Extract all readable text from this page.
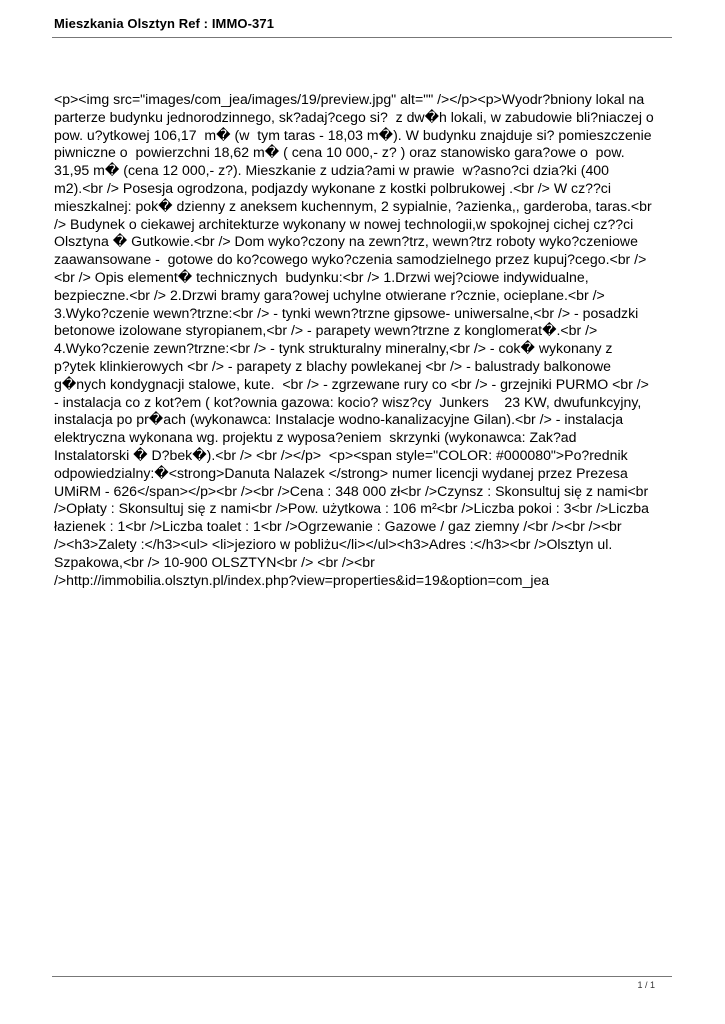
Mieszkania Olsztyn Ref : IMMO-371
<p><img src="images/com_jea/images/19/preview.jpg" alt="" /></p><p>Wyodr?bniony lokal na
parterze budynku jednorodzinnego, sk?adaj?cego si?  z dw�h lokali, w zabudowie bli?niaczej o
pow. u?ytkowej 106,17  m� (w  tym taras - 18,03 m�). W budynku znajduje si? pomieszczenie
piwniczne o  powierzchni 18,62 m� ( cena 10 000,- z? ) oraz stanowisko gara?owe o  pow.
31,95 m� (cena 12 000,- z?). Mieszkanie z udzia?ami w prawie  w?asno?ci dzia?ki (400
m2).<br /> Posesja ogrodzona, podjazdy wykonane z kostki polbrukowej .<br /> W cz??ci
mieszkalnej: pok� dzienny z aneksem kuchennym, 2 sypialnie, ?azienka,, garderoba, taras.<br
/> Budynek o ciekawej architekturze wykonany w nowej technologii,w spokojnej cichej cz??ci
Olsztyna � Gutkowie.<br /> Dom wyko?czony na zewn?trz, wewn?trz roboty wyko?czeniowe
zaawansowane -  gotowe do ko?cowego wyko?czenia samodzielnego przez kupuj?cego.<br />
<br /> Opis element� technicznych  budynku:<br /> 1.Drzwi wej?ciowe indywidualne,
bezpieczne.<br /> 2.Drzwi bramy gara?owej uchylne otwierane r?cznie, ocieplane.<br />
3.Wyko?czenie wewn?trzne:<br /> - tynki wewn?trzne gipsowe- uniwersalne,<br /> - posadzki
betonowe izolowane styropianem,<br /> - parapety wewn?trzne z konglomerat�.<br />
4.Wyko?czenie zewn?trzne:<br /> - tynk strukturalny mineralny,<br /> - cok� wykonany z
p?ytek klinkierowych <br /> - parapety z blachy powlekanej <br /> - balustrady balkonowe
g�nych kondygnacji stalowe, kute.  <br /> - zgrzewane rury co <br /> - grzejniki PURMO <br />
- instalacja co z kot?em ( kot?ownia gazowa: kocio? wisz?cy  Junkers    23 KW, dwufunkcyjny,
instalacja po pr�ach (wykonawca: Instalacje wodno-kanalizacyjne Gilan).<br /> - instalacja
elektryczna wykonana wg. projektu z wyposa?eniem  skrzynki (wykonawca: Zak?ad
Instalatorski � D?bek�).<br /> <br /></p>  <p><span style="COLOR: #000080">Po?rednik
odpowiedzialny:�<strong>Danuta Nalazek </strong> numer licencji wydanej przez Prezesa
UMiRM - 626</span></p><br /><br />Cena : 348 000 zł<br />Czynsz : Skonsultuj się z nami<br
/>Opłaty : Skonsultuj się z nami<br />Pow. użytkowa : 106 m²<br />Liczba pokoi : 3<br />Liczba
łazienek : 1<br />Liczba toalet : 1<br />Ogrzewanie : Gazowe / gaz ziemny /<br /><br /><br
/><h3>Zalety :</h3><ul> <li>jezioro w pobliżu</li></ul><h3>Adres :</h3><br />Olsztyn ul.
Szpakowa,<br /> 10-900 OLSZTYN<br /> <br /><br
/>http://immobilia.olsztyn.pl/index.php?view=properties&id=19&option=com_jea
1 / 1
